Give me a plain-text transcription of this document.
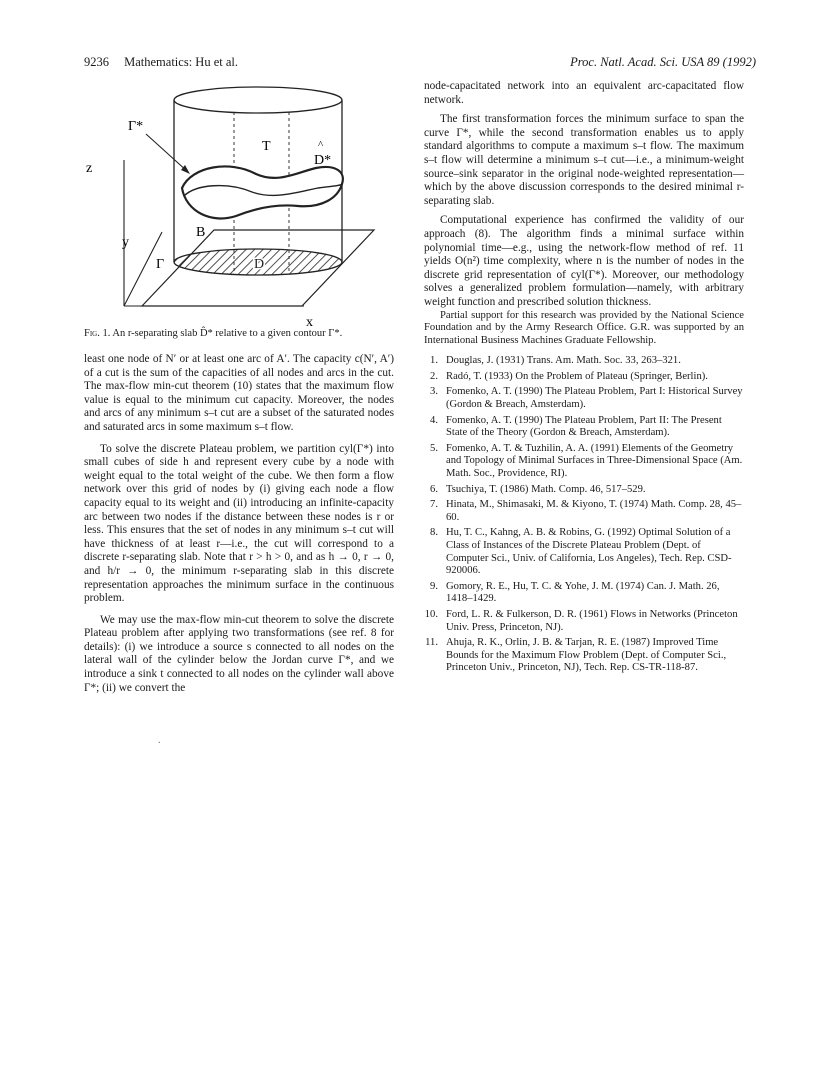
9236 Mathematics: Hu et al.	Proc. Natl. Acad. Sci. USA 89 (1992)
Γ*
T	^
D*
z
y
B
Γ	D
x
Fig. 1. An r-separating slab D̂* relative to a given contour Γ*.

least one node of N′ or at least one arc of A′. The capacity c(N′, A′) of a cut is the sum of the capacities of all nodes and arcs in the cut. The max-flow min-cut theorem (10) states that the maximum flow value is equal to the minimum cut capacity. Moreover, the nodes and arcs of any minimum s–t cut are a subset of the saturated nodes and saturated arcs in some maximum s–t flow.

To solve the discrete Plateau problem, we partition cyl(Γ*) into small cubes of side h and represent every cube by a node with weight equal to the total weight of the cube. We then form a flow network over this grid of nodes by (i) giving each node a flow capacity equal to its weight and (ii) introducing an infinite-capacity arc between two nodes if the distance between these nodes is r or less. This ensures that the set of nodes in any minimum s–t cut will have thickness of at least r—i.e., the cut will correspond to a discrete r-separating slab. Note that r > h > 0, and as h → 0, r → 0, and h/r → 0, the minimum r-separating slab in this discrete representation approaches the minimum surface in the continuous problem.

We may use the max-flow min-cut theorem to solve the discrete Plateau problem after applying two transformations (see ref. 8 for details): (i) we introduce a source s connected to all nodes on the lateral wall of the cylinder below the Jordan curve Γ*, and we introduce a sink t connected to all nodes on the cylinder wall above Γ*; (ii) we convert the

node-capacitated network into an equivalent arc-capacitated flow network.

The first transformation forces the minimum surface to span the curve Γ*, while the second transformation enables us to apply standard algorithms to compute a maximum s–t flow. The maximum s–t flow will determine a minimum s–t cut—i.e., a minimum-weight source–sink separator in the original node-weighted representation—which by the above discussion corresponds to the desired minimal r-separating slab.

Computational experience has confirmed the validity of our approach (8). The algorithm finds a minimal surface within polynomial time—e.g., using the network-flow method of ref. 11 yields O(n²) time complexity, where n is the number of nodes in the discrete grid representation of cyl(Γ*). Moreover, our methodology solves a generalized problem formulation—namely, with arbitrary weight function and prescribed solution thickness.

Partial support for this research was provided by the National Science Foundation and by the Army Research Office. G.R. was supported by an International Business Machines Graduate Fellowship.

1. Douglas, J. (1931) Trans. Am. Math. Soc. 33, 263–321.
2. Radó, T. (1933) On the Problem of Plateau (Springer, Berlin).
3. Fomenko, A. T. (1990) The Plateau Problem, Part I: Historical Survey (Gordon & Breach, Amsterdam).
4. Fomenko, A. T. (1990) The Plateau Problem, Part II: The Present State of the Theory (Gordon & Breach, Amsterdam).
5. Fomenko, A. T. & Tuzhilin, A. A. (1991) Elements of the Geometry and Topology of Minimal Surfaces in Three-Dimensional Space (Am. Math. Soc., Providence, RI).
6. Tsuchiya, T. (1986) Math. Comp. 46, 517–529.
7. Hinata, M., Shimasaki, M. & Kiyono, T. (1974) Math. Comp. 28, 45–60.
8. Hu, T. C., Kahng, A. B. & Robins, G. (1992) Optimal Solution of a Class of Instances of the Discrete Plateau Problem (Dept. of Computer Sci., Univ. of California, Los Angeles), Tech. Rep. CSD-920006.
9. Gomory, R. E., Hu, T. C. & Yohe, J. M. (1974) Can. J. Math. 26, 1418–1429.
10. Ford, L. R. & Fulkerson, D. R. (1961) Flows in Networks (Princeton Univ. Press, Princeton, NJ).
11. Ahuja, R. K., Orlin, J. B. & Tarjan, R. E. (1987) Improved Time Bounds for the Maximum Flow Problem (Dept. of Computer Sci., Princeton Univ., Princeton, NJ), Tech. Rep. CS-TR-118-87.
.
